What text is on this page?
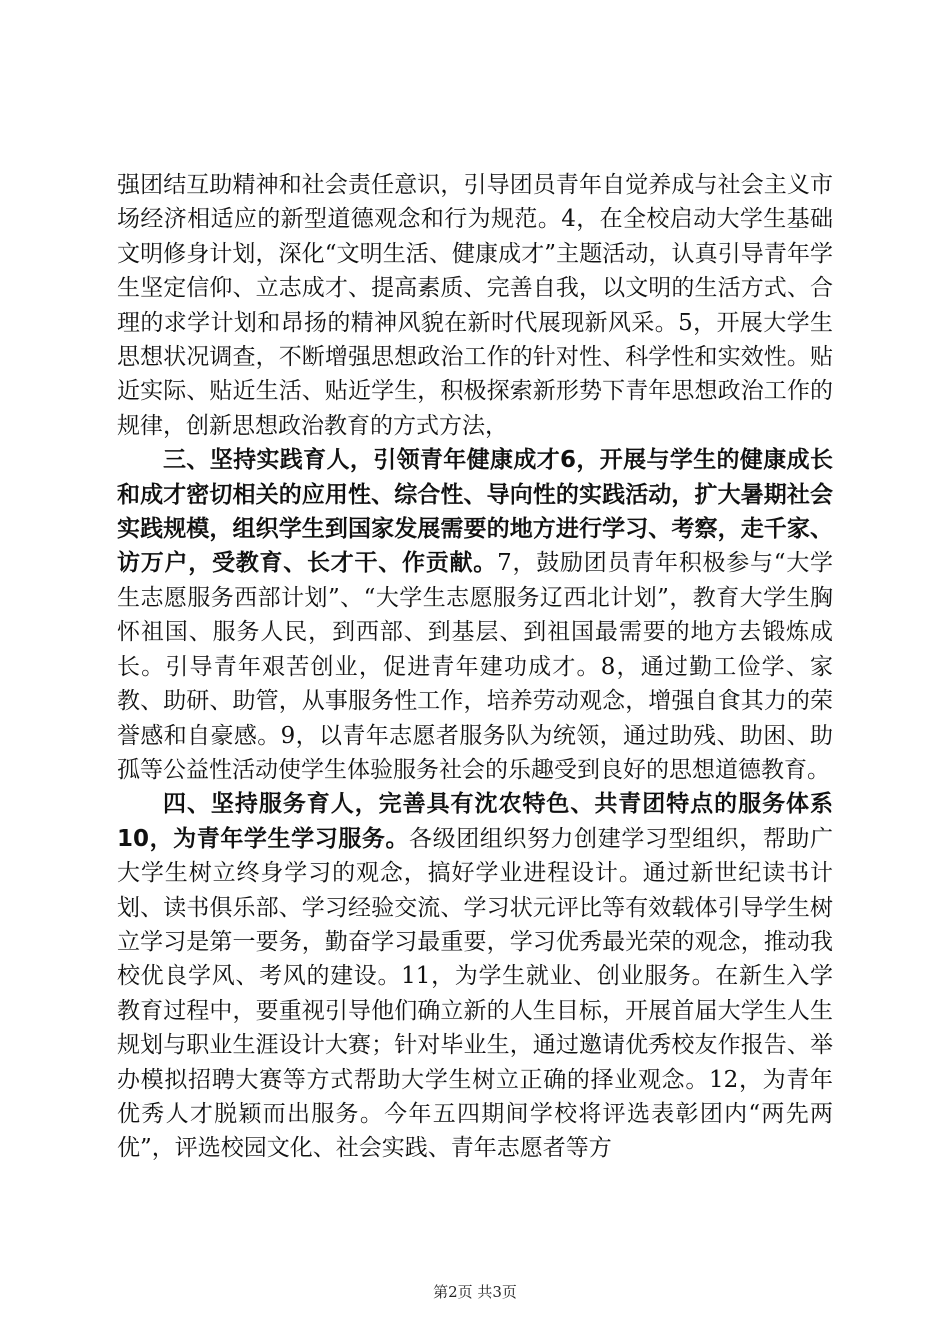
强团结互助精神和社会责任意识，引导团员青年自觉养成与社会主义市场经济相适应的新型道德观念和行为规范。4，在全校启动大学生基础文明修身计划，深化“文明生活、健康成才”主题活动，认真引导青年学生坚定信仰、立志成才、提高素质、完善自我，以文明的生活方式、合理的求学计划和昂扬的精神风貌在新时代展现新风采。5，开展大学生思想状况调查，不断增强思想政治工作的针对性、科学性和实效性。贴近实际、贴近生活、贴近学生，积极探索新形势下青年思想政治工作的规律，创新思想政治教育的方式方法，

三、坚持实践育人，引领青年健康成才6，开展与学生的健康成长和成才密切相关的应用性、综合性、导向性的实践活动，扩大暑期社会实践规模，组织学生到国家发展需要的地方进行学习、考察，走千家、访万户，受教育、长才干、作贡献。7，鼓励团员青年积极参与“大学生志愿服务西部计划”、“大学生志愿服务辽西北计划”，教育大学生胸怀祖国、服务人民，到西部、到基层、到祖国最需要的地方去锻炼成长。引导青年艰苦创业，促进青年建功成才。8，通过勤工俭学、家教、助研、助管，从事服务性工作，培养劳动观念，增强自食其力的荣誉感和自豪感。9，以青年志愿者服务队为统领，通过助残、助困、助孤等公益性活动使学生体验服务社会的乐趣受到良好的思想道德教育。

四、坚持服务育人，完善具有沈农特色、共青团特点的服务体系10，为青年学生学习服务。各级团组织努力创建学习型组织，帮助广大学生树立终身学习的观念，搞好学业进程设计。通过新世纪读书计划、读书俱乐部、学习经验交流、学习状元评比等有效载体引导学生树立学习是第一要务，勤奋学习最重要，学习优秀最光荣的观念，推动我校优良学风、考风的建设。11，为学生就业、创业服务。在新生入学教育过程中，要重视引导他们确立新的人生目标，开展首届大学生人生规划与职业生涯设计大赛；针对毕业生，通过邀请优秀校友作报告、举办模拟招聘大赛等方式帮助大学生树立正确的择业观念。12，为青年优秀人才脱颖而出服务。今年五四期间学校将评选表彰团内“两先两优”，评选校园文化、社会实践、青年志愿者等方

第2页 共3页
